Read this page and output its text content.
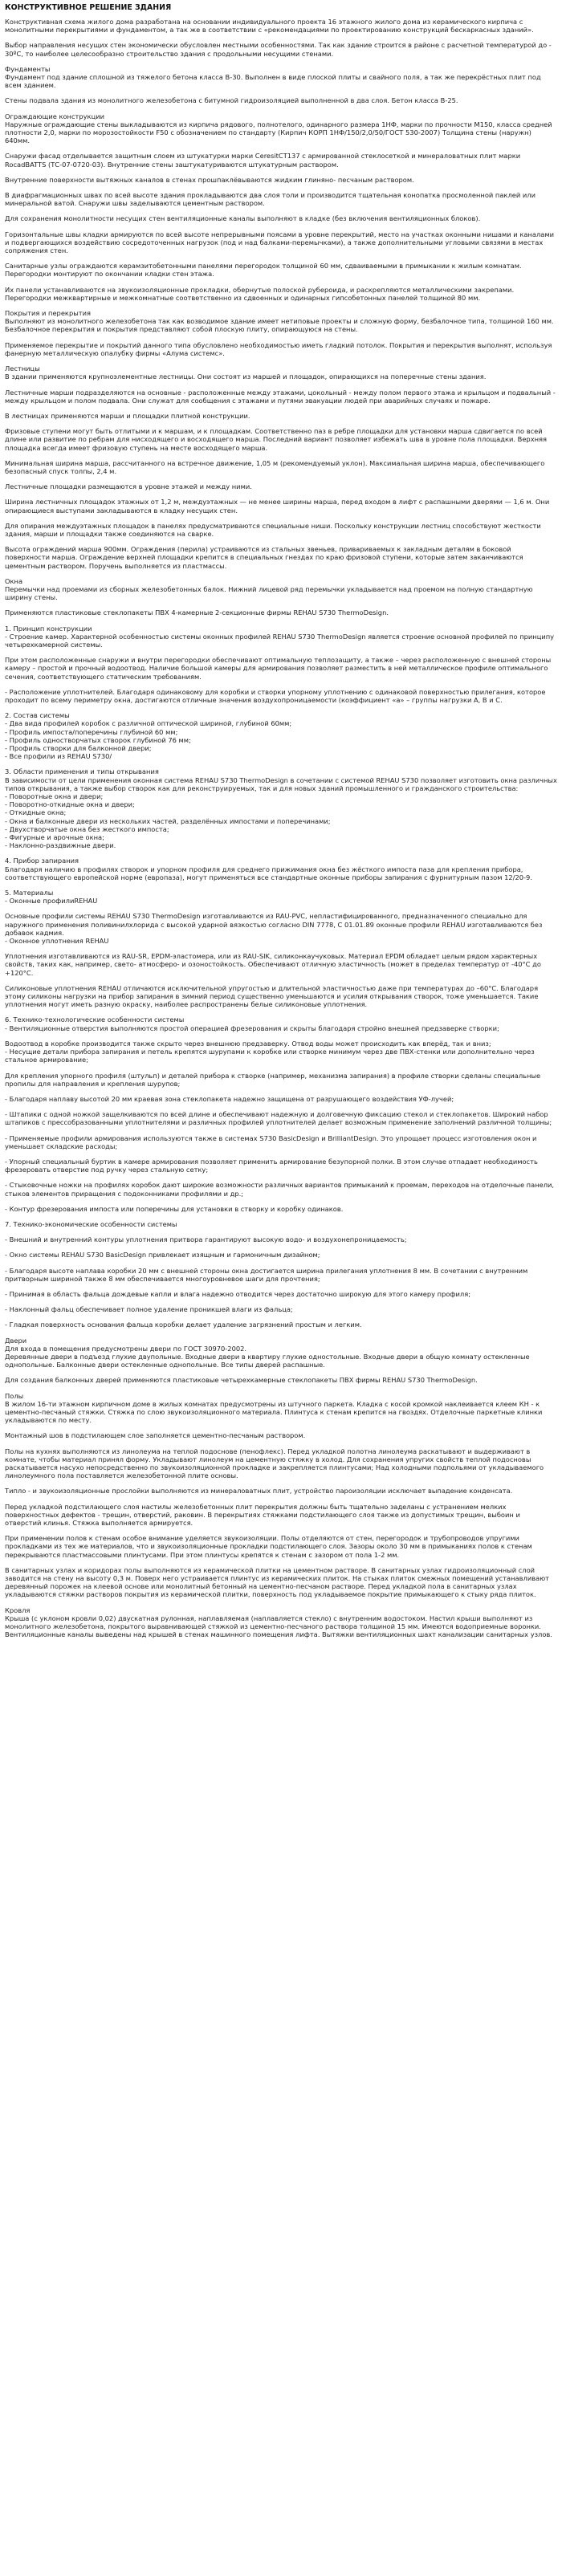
КОНСТРУКТИВНОЕ РЕШЕНИЕ ЗДАНИЯ

Конструктивная схема жилого дома разработана на основании индивидуального проекта 16 этажного жилого дома из керамического кирпича с монолитными перекрытиями и фундаментом, а так же в соответствии с «рекомендациями по проектированию конструкций бескаркасных зданий».

Выбор направления несущих стен экономически обусловлен местными особенностями. Так как здание строится в районе с расчетной температурой до - 30ºС, то наиболее целесообразно строительство здания с продольными несущими стенами.

Фундаменты
Фундамент под здание сплошной из тяжелого бетона класса В-30. Выполнен в виде плоской плиты и свайного поля, а так же перекрёстных плит под всем зданием.

Стены подвала здания из монолитного железобетона с битумной гидроизоляцией выполненной в два слоя. Бетон класса В-25.

Ограждающие конструкции
Наружные ограждающие стены выкладываются из кирпича рядового, полнотелого, одинарного размера 1НФ, марки по прочности М150, класса средней плотности 2,0, марки по морозостойкости F50 с обозначением по стандарту (Кирпич КОРП 1НФ/150/2,0/50/ГОСТ 530-2007) Толщина стены (наружн) 640мм.

Снаружи фасад отделывается защитным слоем из штукатурки марки CeresitCT137 с армированной стеклосеткой и минераловатных плит марки RocadBATTS (ТС-07-0720-03). Внутренние стены заштукатуриваются штукатурным раствором.

Внутренние поверхности вытяжных каналов в стенах прошпаклёвываются жидким глиняно- песчаным раствором.

В диафрагмационных швах по всей высоте здания прокладываются два слоя толи и производится тщательная конопатка просмоленной паклей или минеральной ватой. Снаружи швы заделываются цементным раствором.

Для сохранения монолитности несущих стен вентиляционные каналы выполняют в кладке (без включения вентиляционных блоков).

Горизонтальные швы кладки армируются по всей высоте непрерывными поясами в уровне перекрытий, место на участках оконными нишами и каналами и подвергающихся воздействию сосредоточенных нагрузок (под и над балками-перемычками), а также дополнительными угловыми связями в местах сопряжения стен.

Санитарные узлы ограждаются керамзитобетонными панелями перегородок толщиной 60 мм, сдваиваемыми в примыкании к жилым комнатам. Перегородки монтируют по окончании кладки стен этажа.

Их панели устанавливаются на звукоизоляционные прокладки, обернутые полоской рубероида, и раскрепляются металлическими закрепами. Перегородки межквартирные и межкомнатные соответственно из сдвоенных и одинарных гипсобетонных панелей толщиной 80 мм.

Покрытия и перекрытия
Выполняют из монолитного железобетона так как возводимое здание имеет нетиповые проекты и сложную форму, безбалочное типа, толщиной 160 мм. Безбалочное перекрытия и покрытия представляют собой плоскую плиту, опирающуюся на стены.

Применяемое перекрытие и покрытий данного типа обусловлено необходимостью иметь гладкий потолок. Покрытия и перекрытия выполнят, используя фанерную металлическую опалубку фирмы «Алума системс».

Лестницы
В здании применяются крупноэлементные лестницы. Они состоят из маршей и площадок, опирающихся на поперечные стены здания.

Лестничные марши подразделяются на основные - расположенные между этажами, цокольный - между полом первого этажа и крыльцом и подвальный - между крыльцом и полом подвала. Они служат для сообщения с этажами и путями эвакуации людей при аварийных случаях и пожаре.

В лестницах применяются марши и площадки плитной конструкции.

Фризовые ступени могут быть отлитыми и к маршам, и к площадкам. Соответственно паз в ребре площадки для установки марша сдвигается по всей длине или развитие по ребрам для нисходящего и восходящего марша. Последний вариант позволяет избежать шва в уровне пола площадки. Верхняя площадка всегда имеет фризовую ступень на месте восходящего марша.

Минимальная ширина марша, рассчитанного на встречное движение, 1,05 м (рекомендуемый уклон). Максимальная ширина марша, обеспечивающего безопасный спуск толпы, 2,4 м.

Лестничные площадки размещаются в уровне этажей и между ними.

Ширина лестничных площадок этажных от 1,2 м, междуэтажных — не менее ширины марша, перед входом в лифт с распашными дверями — 1,6 м. Они опирающиеся выступами закладываются в кладку несущих стен.

Для опирания междуэтажных площадок в панелях предусматриваются специальные ниши. Поскольку конструкции лестниц способствуют жесткости здания, марши и площадки также соединяются на сварке.

Высота ограждений марша 900мм. Ограждения (перила) устраиваются из стальных звеньев, привариваемых к закладным деталям в боковой поверхности марша. Ограждение верхней площадки крепится в специальных гнездах по краю фризовой ступени, которые затем заканчиваются цементным раствором. Поручень выполняется из пластмассы.

Окна
Перемычки над проемами из сборных железобетонных балок. Нижний лицевой ряд перемычки укладывается над проемом на полную стандартную ширину стены.

Применяются пластиковые стеклопакеты ПВХ 4-камерные 2-секционные фирмы REHAU S730 ThermoDesign.

1. Принцип конструкции
- Строение камер. Характерной особенностью системы оконных профилей REHAU S730 ThermoDesign является строение основной профилей по принципу четырехкамерной системы.

При этом расположенные снаружи и внутри перегородки обеспечивают оптимальную теплозащиту, а также – через расположенную с внешней стороны камеру – простой и прочный водоотвод. Наличие большой камеры для армирования позволяет разместить в ней металлическое профиле оптимального сечения, соответствующего статическим требованиям.

- Расположение уплотнителей. Благодаря одинаковому для коробки и створки упорному уплотнению с одинаковой поверхностью прилегания, которое проходит по всему периметру окна, достигаются отличные значения воздухопроницаемости (коэффициент «а» – группы нагрузки А, В и С.

2. Состав системы
- Два вида профилей коробок с различной оптической шириной, глубиной 60мм;
- Профиль импоста/поперечины глубиной 60 мм;
- Профиль одностворчатых створок глубиной 76 мм;
- Профиль створки для балконной двери;
- Все профили из REHAU S730/

3. Области применения и типы открывания
В зависимости от цели применения оконная система REHAU S730 ThermoDesign в сочетании с системой REHAU S730 позволяет изготовить окна различных типов открывания, а также выбор створок как для реконструируемых, так и для новых зданий промышленного и гражданского строительства:
- Поворотные окна и двери;
- Поворотно-откидные окна и двери;
- Откидные окна;
- Окна и балконные двери из нескольких частей, разделённых импостами и поперечинами;
- Двухстворчатые окна без жесткого импоста;
- Фигурные и арочные окна;
- Наклонно-раздвижные двери.

4. Прибор запирания
Благодаря наличию в профилях створок и упорном профиля для среднего прижимания окна без жёсткого импоста паза для крепления прибора, соответствующего европейской норме (европаза), могут применяться все стандартные оконные приборы запирания с фурнитурным пазом 12/20-9.

5. Материалы
- Оконные профилиREHAU

Основные профили системы REHAU S730 ThermoDesign изготавливаются из RAU-PVC, непластифицированного, предназначенного специально для наружного применения поливинилхлорида с высокой ударной вязкостью согласно DIN 7778, С 01.01.89 оконные профили REHAU изготавливаются без добавок кадмия.
- Оконное уплотнения REHAU

Уплотнения изготавливаются из RAU-SR, EPDM-эластомера, или из RAU-SIK, силиконкаучуковых. Материал EPDM обладает целым рядом характерных свойств, таких как, например, свето- атмосферо- и озоностойкость. Обеспечивают отличную эластичность (может в пределах температур от -40°С до +120°С.

Силиконовые уплотнения REHAU отличаются исключительной упругостью и длительной эластичностью даже при температурах до –60°С. Благодаря этому силиконы нагрузки на прибор запирания в зимний период существенно уменьшаются и усилия открывания створок, тоже уменьшается. Такие уплотнения могут иметь разную окраску, наиболее распространены белые силиконовые уплотнения.

6. Технико-технологические особенности системы
- Вентиляционные отверстия выполняются простой операцией фрезерования и скрыты благодаря стройно внешней предзаверке створки;

Водоотвод в коробке производится также скрыто через внешнюю предзаверку. Отвод воды может происходить как вперёд, так и вниз;
- Несущие детали прибора запирания и петель крепятся шурупами к коробке или створке минимум через две ПВХ-стенки или дополнительно через стальное армирование;

Для крепления упорного профиля (штульп) и деталей прибора к створке (например, механизма запирания) в профиле створки сделаны специальные пропилы для направления и крепления шурупов;

- Благодаря наплаву высотой 20 мм краевая зона стеклопакета надежно защищена от разрушающего воздействия УФ-лучей;

- Штапики с одной ножкой защелкиваются по всей длине и обеспечивают надежную и долговечную фиксацию стекол и стеклопакетов. Широкий набор штапиков с прессобразованными уплотнителями и различных профилей уплотнителей делает возможным применение заполнений различной толщины;

- Применяемые профили армирования используются также в системах S730 BasicDesign и BrilliantDesign. Это упрощает процесс изготовления окон и уменьшает складские расходы;

- Упорный специальный буртик в камере армирования позволяет применить армирование безупорной полки. В этом случае отпадает необходимость фрезеровать отверстие под ручку через стальную сетку;

- Стыковочные ножки на профилях коробок дают широкие возможности различных вариантов примыканий к проемам, переходов на отделочные панели, стыков элементов приращения с подоконниками профилями и др.;

- Контур фрезерования импоста или поперечины для установки в створку и коробку одинаков.

7. Технико-экономические особенности системы

- Внешний и внутренний контуры уплотнения притвора гарантируют высокую водо- и воздухонепроницаемость;

- Окно системы REHAU S730 BasicDesign привлекает изящным и гармоничным дизайном;

- Благодаря высоте наплава коробки 20 мм с внешней стороны окна достигается ширина прилегания уплотнения 8 мм. В сочетании с внутренним притворным шириной также 8 мм обеспечивается многоуровневое шаги для прочтения;

- Принимая в область фальца дождевые капли и влага надежно отводится через достаточно широкую для этого камеру профиля;

- Наклонный фальц обеспечивает полное удаление проникшей влаги из фальца;

- Гладкая поверхность основания фальца коробки делает удаление загрязнений простым и легким.

Двери
Для входа в помещения предусмотрены двери по ГОСТ 30970-2002.
Деревянные двери в подъезд глухие двупольные. Входные двери в квартиру глухие одностольные. Входные двери в общую комнату остекленные однопольные. Балконные двери остекленные однопольные. Все типы дверей распашные.

Для создания балконных дверей применяются пластиковые четырехкамерные стеклопакеты ПВХ фирмы REHAU S730 ThermoDesign.

Полы
В жилом 16-ти этажном кирпичном доме в жилых комнатах предусмотрены из штучного паркета. Кладка с косой кромкой наклеивается клеем КН - к цементно-песчаный стяжки. Стяжка по слою звукоизоляционного материала. Плинтуса к стенам крепится на гвоздях. Отделочные паркетные клинки укладываются по месту.

Монтажный шов в подстилающем слое заполняется цементно-песчаным раствором.

Полы на кухнях выполняются из линолеума на теплой подоснове (пенофлекс). Перед укладкой полотна линолеума раскатывают и выдерживают в комнате, чтобы материал принял форму. Укладывают линолеум на цементную стяжку в холод. Для сохранения упругих свойств теплой подосновы раскатывается насухо непосредственно по звукоизоляционной прокладке и закрепляется плинтусами; Над холодными подпольями от укладываемого линолеумного пола поставляется железобетонной плите основы.

Типло - и звукоизоляционные прослойки выполняются из минераловатных плит, устройство пароизоляции исключает выпадение конденсата.

Перед укладкой подстилающего слоя настилы железобетонных плит перекрытия должны быть тщательно заделаны с устранением мелких поверхностных дефектов - трещин, отверстий, раковин. В перекрытиях стяжками подстилающего слоя также из допустимых трещин, выбоин и отверстий клинья. Стяжка выполняется армируется.

При применении полов к стенам особое внимание уделяется звукоизоляции. Полы отделяются от стен, перегородок и трубопроводов упругими прокладками из тех же материалов, что и звукоизоляционные прокладки подстилающего слоя. Зазоры около 30 мм в примыканиях полов к стенам перекрываются пластмассовыми плинтусами. При этом плинтусы крепятся к стенам с зазором от пола 1-2 мм.

В санитарных узлах и коридорах полы выполняются из керамической плитки на цементном растворе. В санитарных узлах гидроизоляционный слой заводится на стену на высоту 0,3 м. Поверх него устраивается плинтус из керамических плиток. На стыках плиток смежных помещений устанавливают деревянный порожек на клеевой основе или монолитный бетонный на цементно-песчаном растворе. Перед укладкой пола в санитарных узлах укладываются стяжки растворов покрытия из керамической плитки, поверхность под укладываемое покрытие примыкающего к стыку ряда плиток.

Кровля
Крыша (с уклоном кровли 0,02) двускатная рулонная, наплавляемая (наплавляется стекло) с внутренним водостоком. Настил крыши выполняют из монолитного железобетона, покрытого выравнивающей стяжкой из цементно-песчаного раствора толщиной 15 мм. Имеются водоприемные воронки. Вентиляционные каналы выведены над крышей в стенах машинного помещения лифта. Вытяжки вентиляционных шахт канализации санитарных узлов.
